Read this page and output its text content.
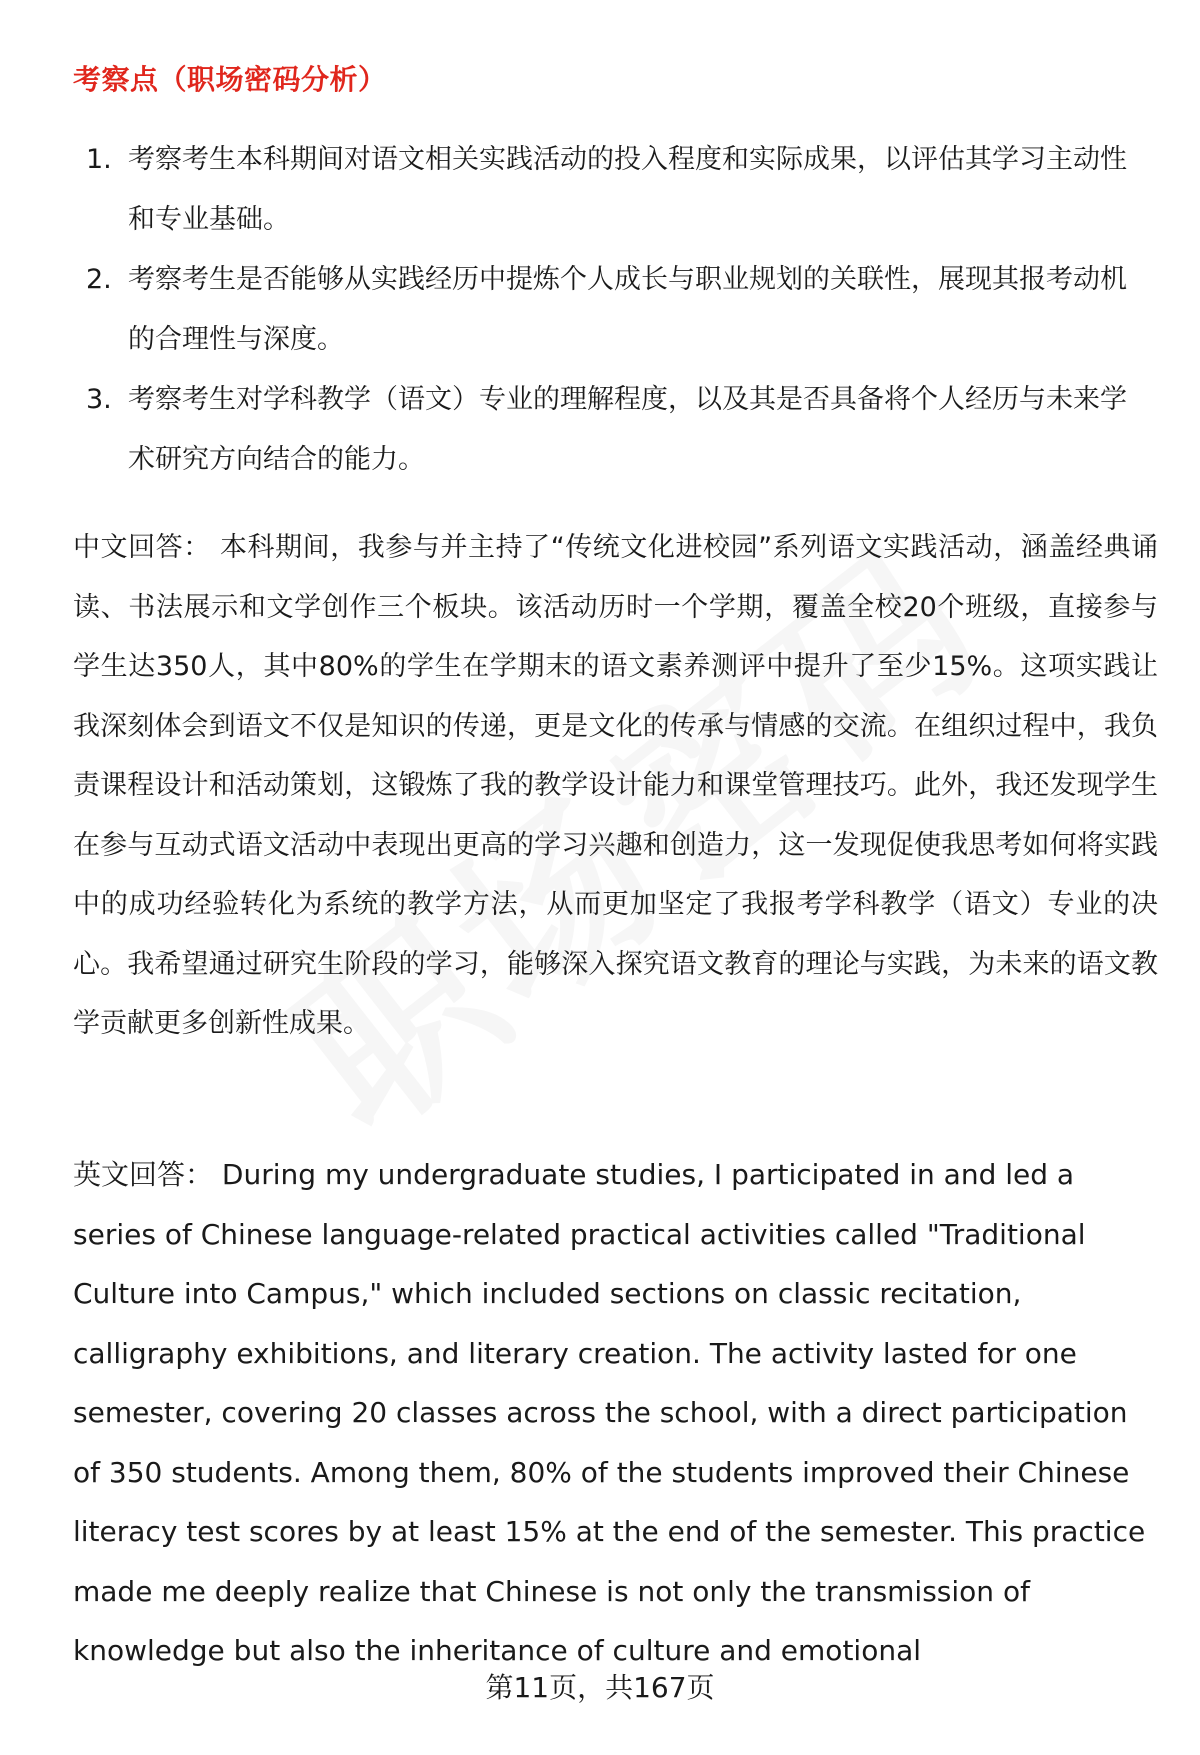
考察点（职场密码分析）
1. 考察考生本科期间对语文相关实践活动的投入程度和实际成果，以评估其学习主动性和专业基础。
2. 考察考生是否能够从实践经历中提炼个人成长与职业规划的关联性，展现其报考动机的合理性与深度。
3. 考察考生对学科教学（语文）专业的理解程度，以及其是否具备将个人经历与未来学术研究方向结合的能力。

中文回答： 本科期间，我参与并主持了“传统文化进校园”系列语文实践活动，涵盖经典诵读、书法展示和文学创作三个板块。该活动历时一个学期，覆盖全校20个班级，直接参与学生达350人，其中80%的学生在学期末的语文素养测评中提升了至少15%。这项实践让我深刻体会到语文不仅是知识的传递，更是文化的传承与情感的交流。在组织过程中，我负责课程设计和活动策划，这锻炼了我的教学设计能力和课堂管理技巧。此外，我还发现学生在参与互动式语文活动中表现出更高的学习兴趣和创造力，这一发现促使我思考如何将实践中的成功经验转化为系统的教学方法，从而更加坚定了我报考学科教学（语文）专业的决心。我希望通过研究生阶段的学习，能够深入探究语文教育的理论与实践，为未来的语文教学贡献更多创新性成果。

英文回答： During my undergraduate studies, I participated in and led a series of Chinese language-related practical activities called "Traditional Culture into Campus," which included sections on classic recitation, calligraphy exhibitions, and literary creation. The activity lasted for one semester, covering 20 classes across the school, with a direct participation of 350 students. Among them, 80% of the students improved their Chinese literacy test scores by at least 15% at the end of the semester. This practice made me deeply realize that Chinese is not only the transmission of knowledge but also the inheritance of culture and emotional

第11页，共167页
